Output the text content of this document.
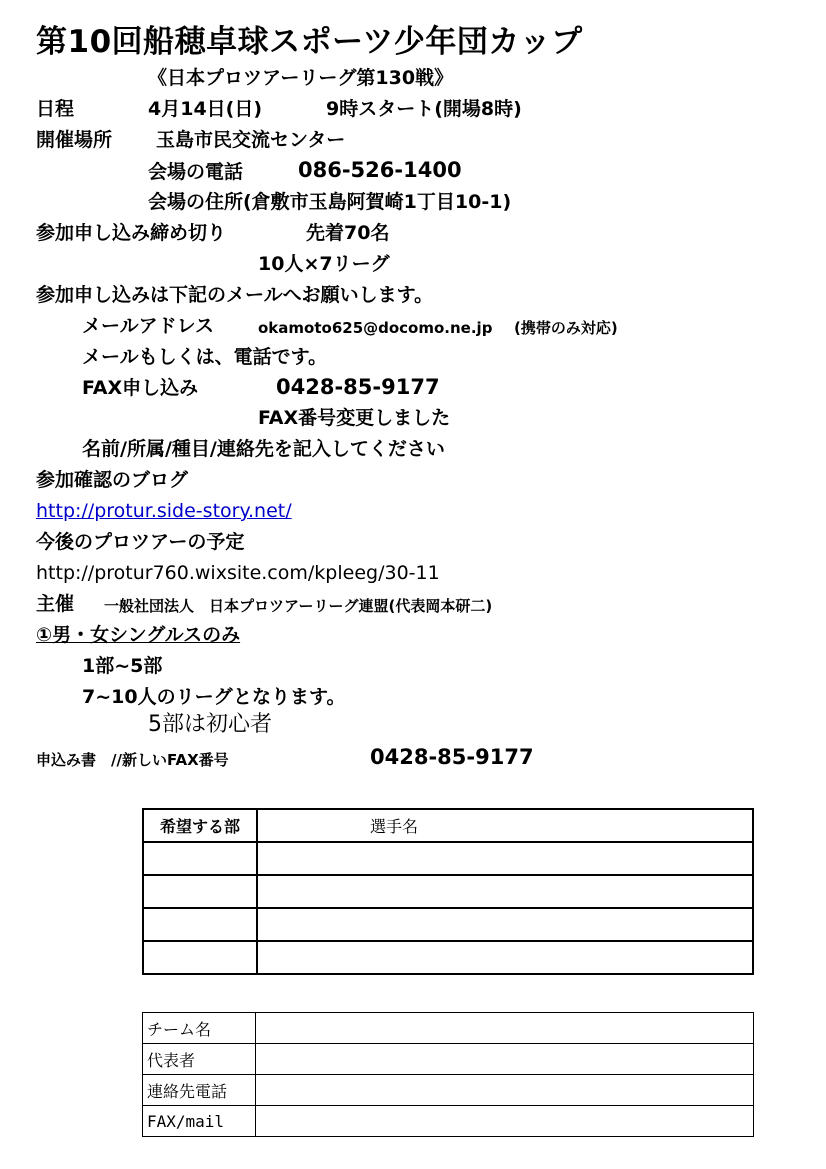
第10回船穂卓球スポーツ少年団カップ
《日本プロツアーリーグ第130戦》
日程	4月14日(日)	9時スタート(開場8時)
開催場所 玉島市民交流センター
会場の電話	086-526-1400
会場の住所(倉敷市玉島阿賀崎1丁目10-1)
参加申し込み締め切り	先着70名
10人×7リーグ
参加申し込みは下記のメールへお願いします。
メールアドレス	okamoto625@docomo.ne.jp (携帯のみ対応)
メールもしくは、電話です。
FAX申し込み	0428-85-9177
FAX番号変更しました
名前/所属/種目/連絡先を記入してください
参加確認のブログ
http://protur.side-story.net/
今後のプロツアーの予定
http://protur760.wixsite.com/kpleeg/30-11
主催 一般社団法人　日本プロツアーリーグ連盟(代表岡本研二)
①男・女シングルスのみ
1部~5部
7~10人のリーグとなります。
5部は初心者
申込み書　//新しいFAX番号	0428-85-9177
希望する部	選手名

チーム名	
代表者	
連絡先電話	
FAX/mail	
